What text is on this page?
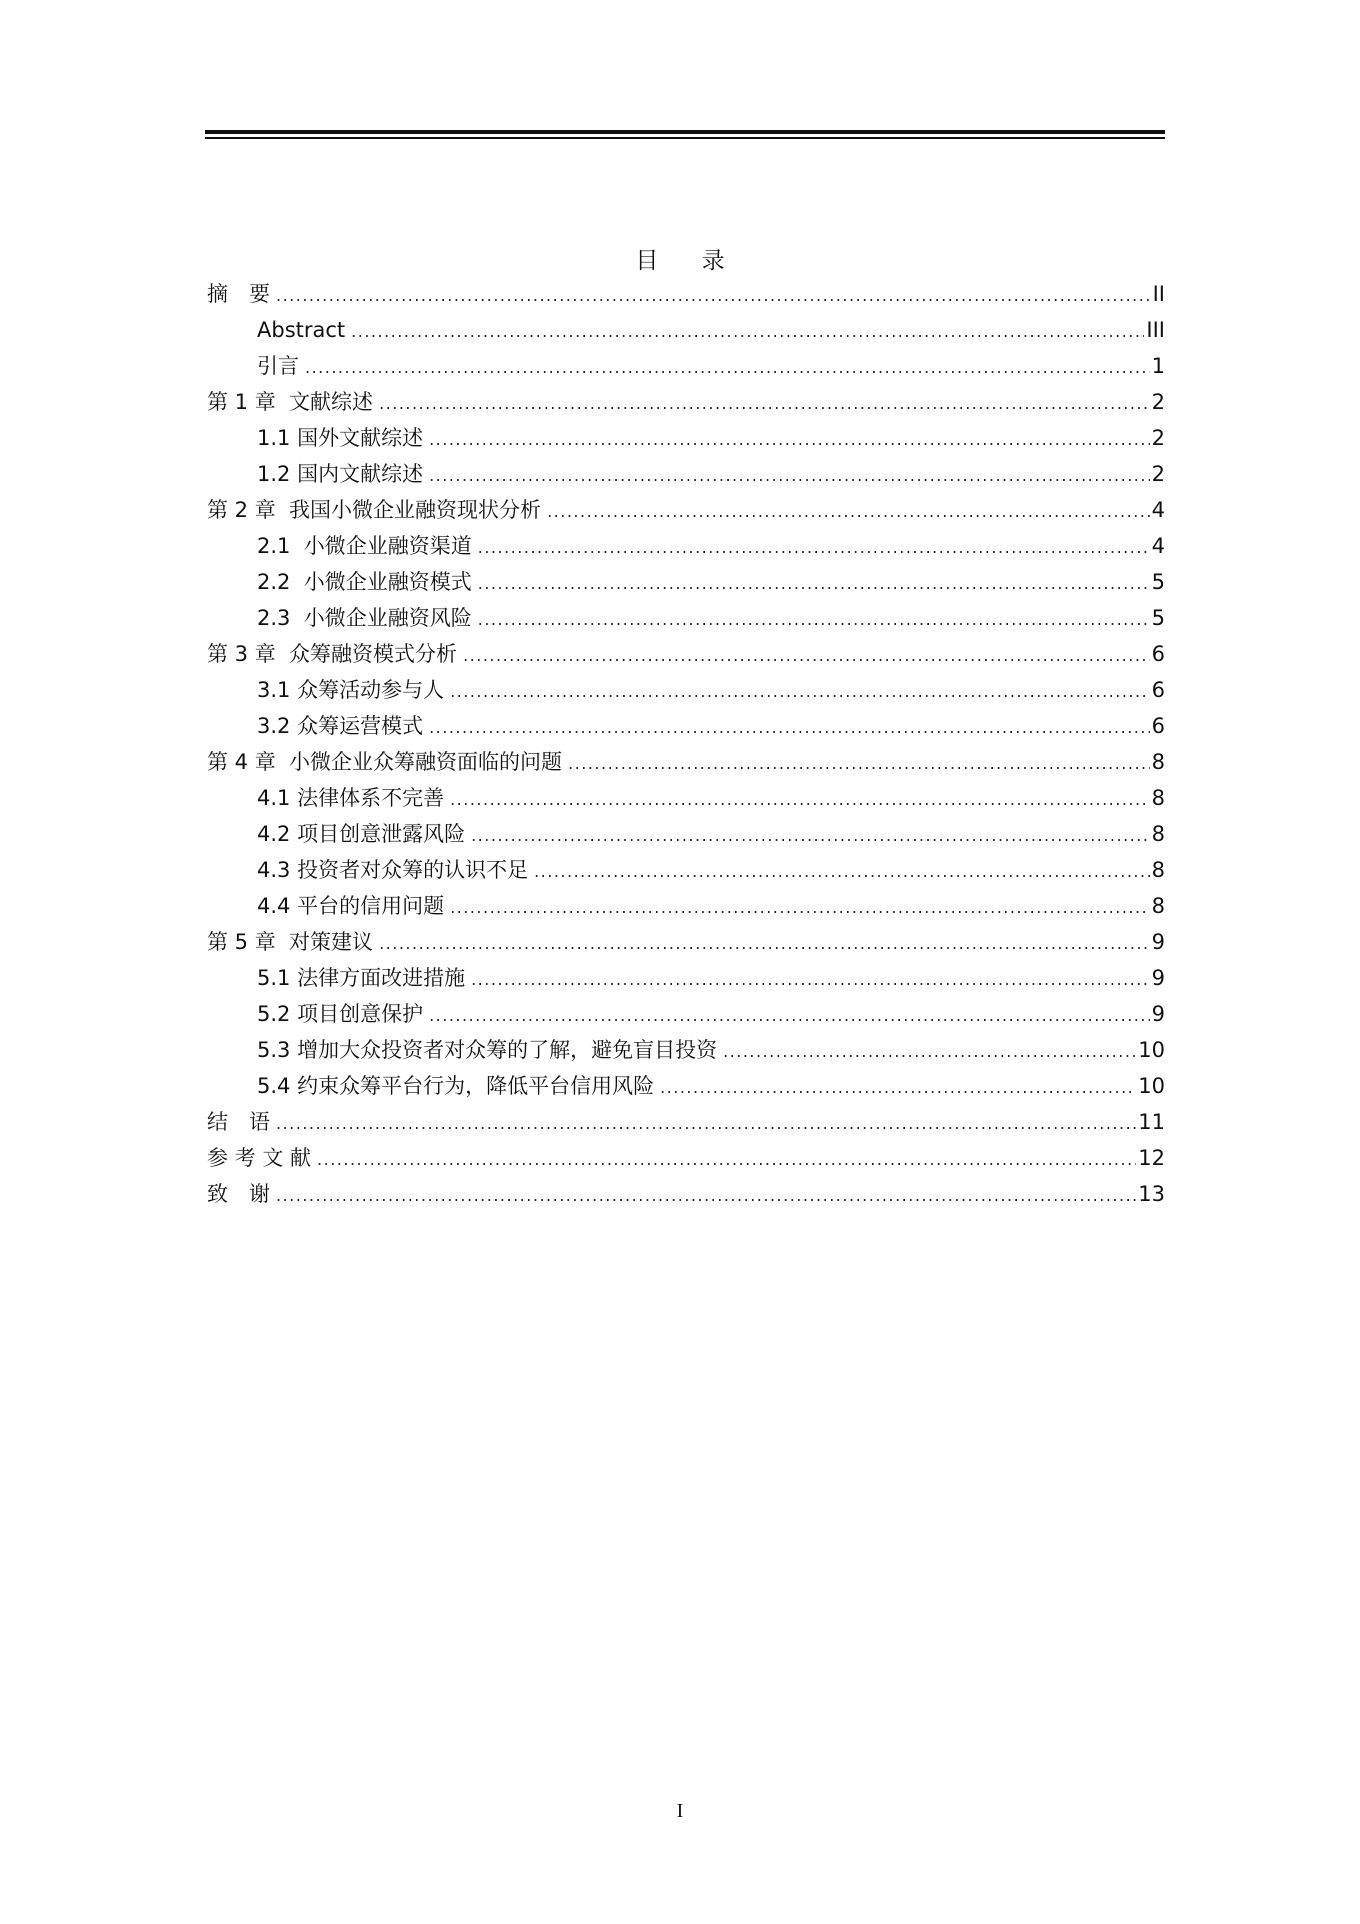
目 录
摘　要 .....	II
Abstract .....	III
引言 .....	1
第 1 章  文献综述 .....	2
1.1 国外文献综述 .....	2
1.2 国内文献综述 .....	2
第 2 章  我国小微企业融资现状分析 .....	4
2.1  小微企业融资渠道 .....	4
2.2  小微企业融资模式 .....	5
2.3  小微企业融资风险 .....	5
第 3 章  众筹融资模式分析 .....	6
3.1 众筹活动参与人 .....	6
3.2 众筹运营模式 .....	6
第 4 章  小微企业众筹融资面临的问题 .....	8
4.1 法律体系不完善 .....	8
4.2 项目创意泄露风险 .....	8
4.3 投资者对众筹的认识不足 .....	8
4.4 平台的信用问题 .....	8
第 5 章  对策建议 .....	9
5.1 法律方面改进措施 .....	9
5.2 项目创意保护 .....	9
5.3 增加大众投资者对众筹的了解，避免盲目投资 .....	10
5.4 约束众筹平台行为，降低平台信用风险 .....	10
结　语 .....	11
参 考 文 献 .....	12
致　谢 .....	13
I
